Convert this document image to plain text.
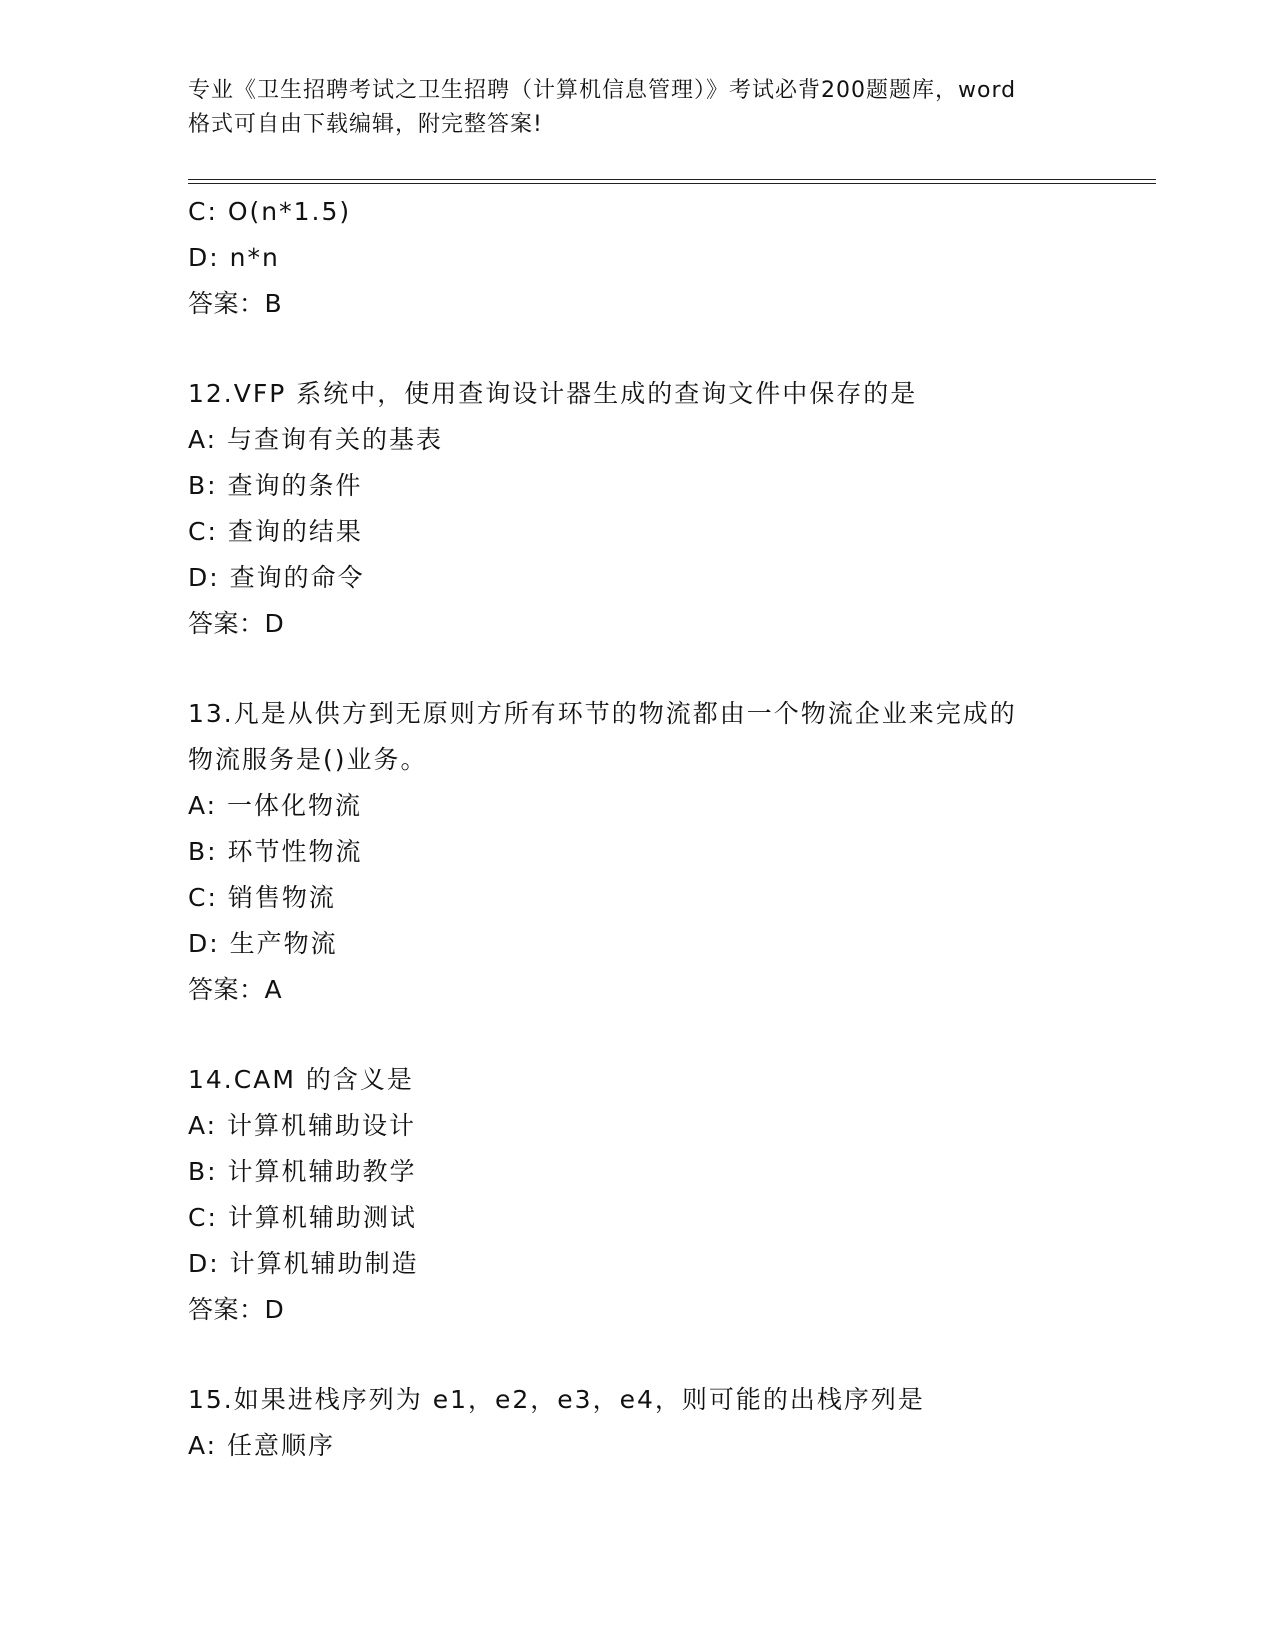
专业《卫生招聘考试之卫生招聘（计算机信息管理）》考试必背200题题库，word
格式可自由下载编辑，附完整答案!
C: O(n*1.5)
D: n*n
答案：B
12.VFP 系统中，使用查询设计器生成的查询文件中保存的是
A: 与查询有关的基表
B: 查询的条件
C: 查询的结果
D: 查询的命令
答案：D
13.凡是从供方到无原则方所有环节的物流都由一个物流企业来完成的
物流服务是()业务。
A: 一体化物流
B: 环节性物流
C: 销售物流
D: 生产物流
答案：A
14.CAM 的含义是
A: 计算机辅助设计
B: 计算机辅助教学
C: 计算机辅助测试
D: 计算机辅助制造
答案：D
15.如果进栈序列为 e1，e2，e3，e4，则可能的出栈序列是
A: 任意顺序
